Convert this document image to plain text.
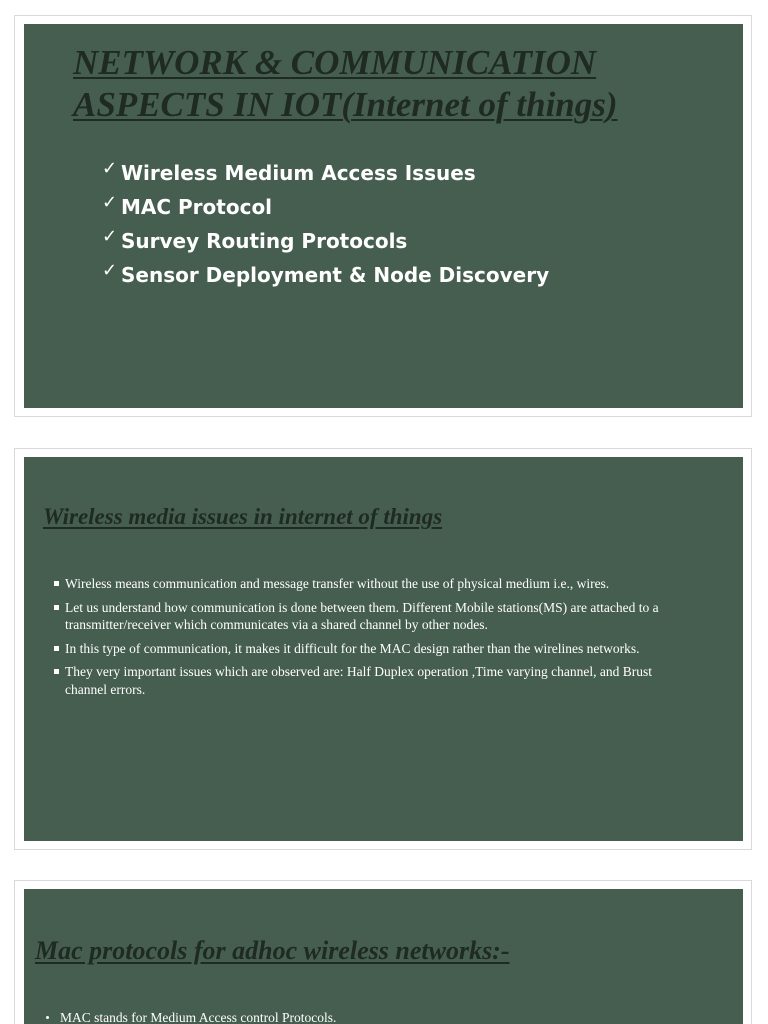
NETWORK & COMMUNICATION ASPECTS IN IOT(Internet of things)
✓ Wireless Medium Access Issues
✓ MAC Protocol
✓ Survey Routing Protocols
✓ Sensor Deployment & Node Discovery
Wireless media issues in internet of things
Wireless means communication and message transfer without the use of physical medium i.e., wires.
Let us understand how communication is done between them. Different Mobile stations(MS) are attached to a transmitter/receiver which communicates via a shared channel by other nodes.
In this type of communication, it makes it difficult for the MAC design rather than the wirelines networks.
They very important issues which are observed are: Half Duplex operation ,Time varying channel, and Brust channel errors.
Mac protocols for adhoc wireless networks:-
MAC stands for Medium Access control Protocols.
